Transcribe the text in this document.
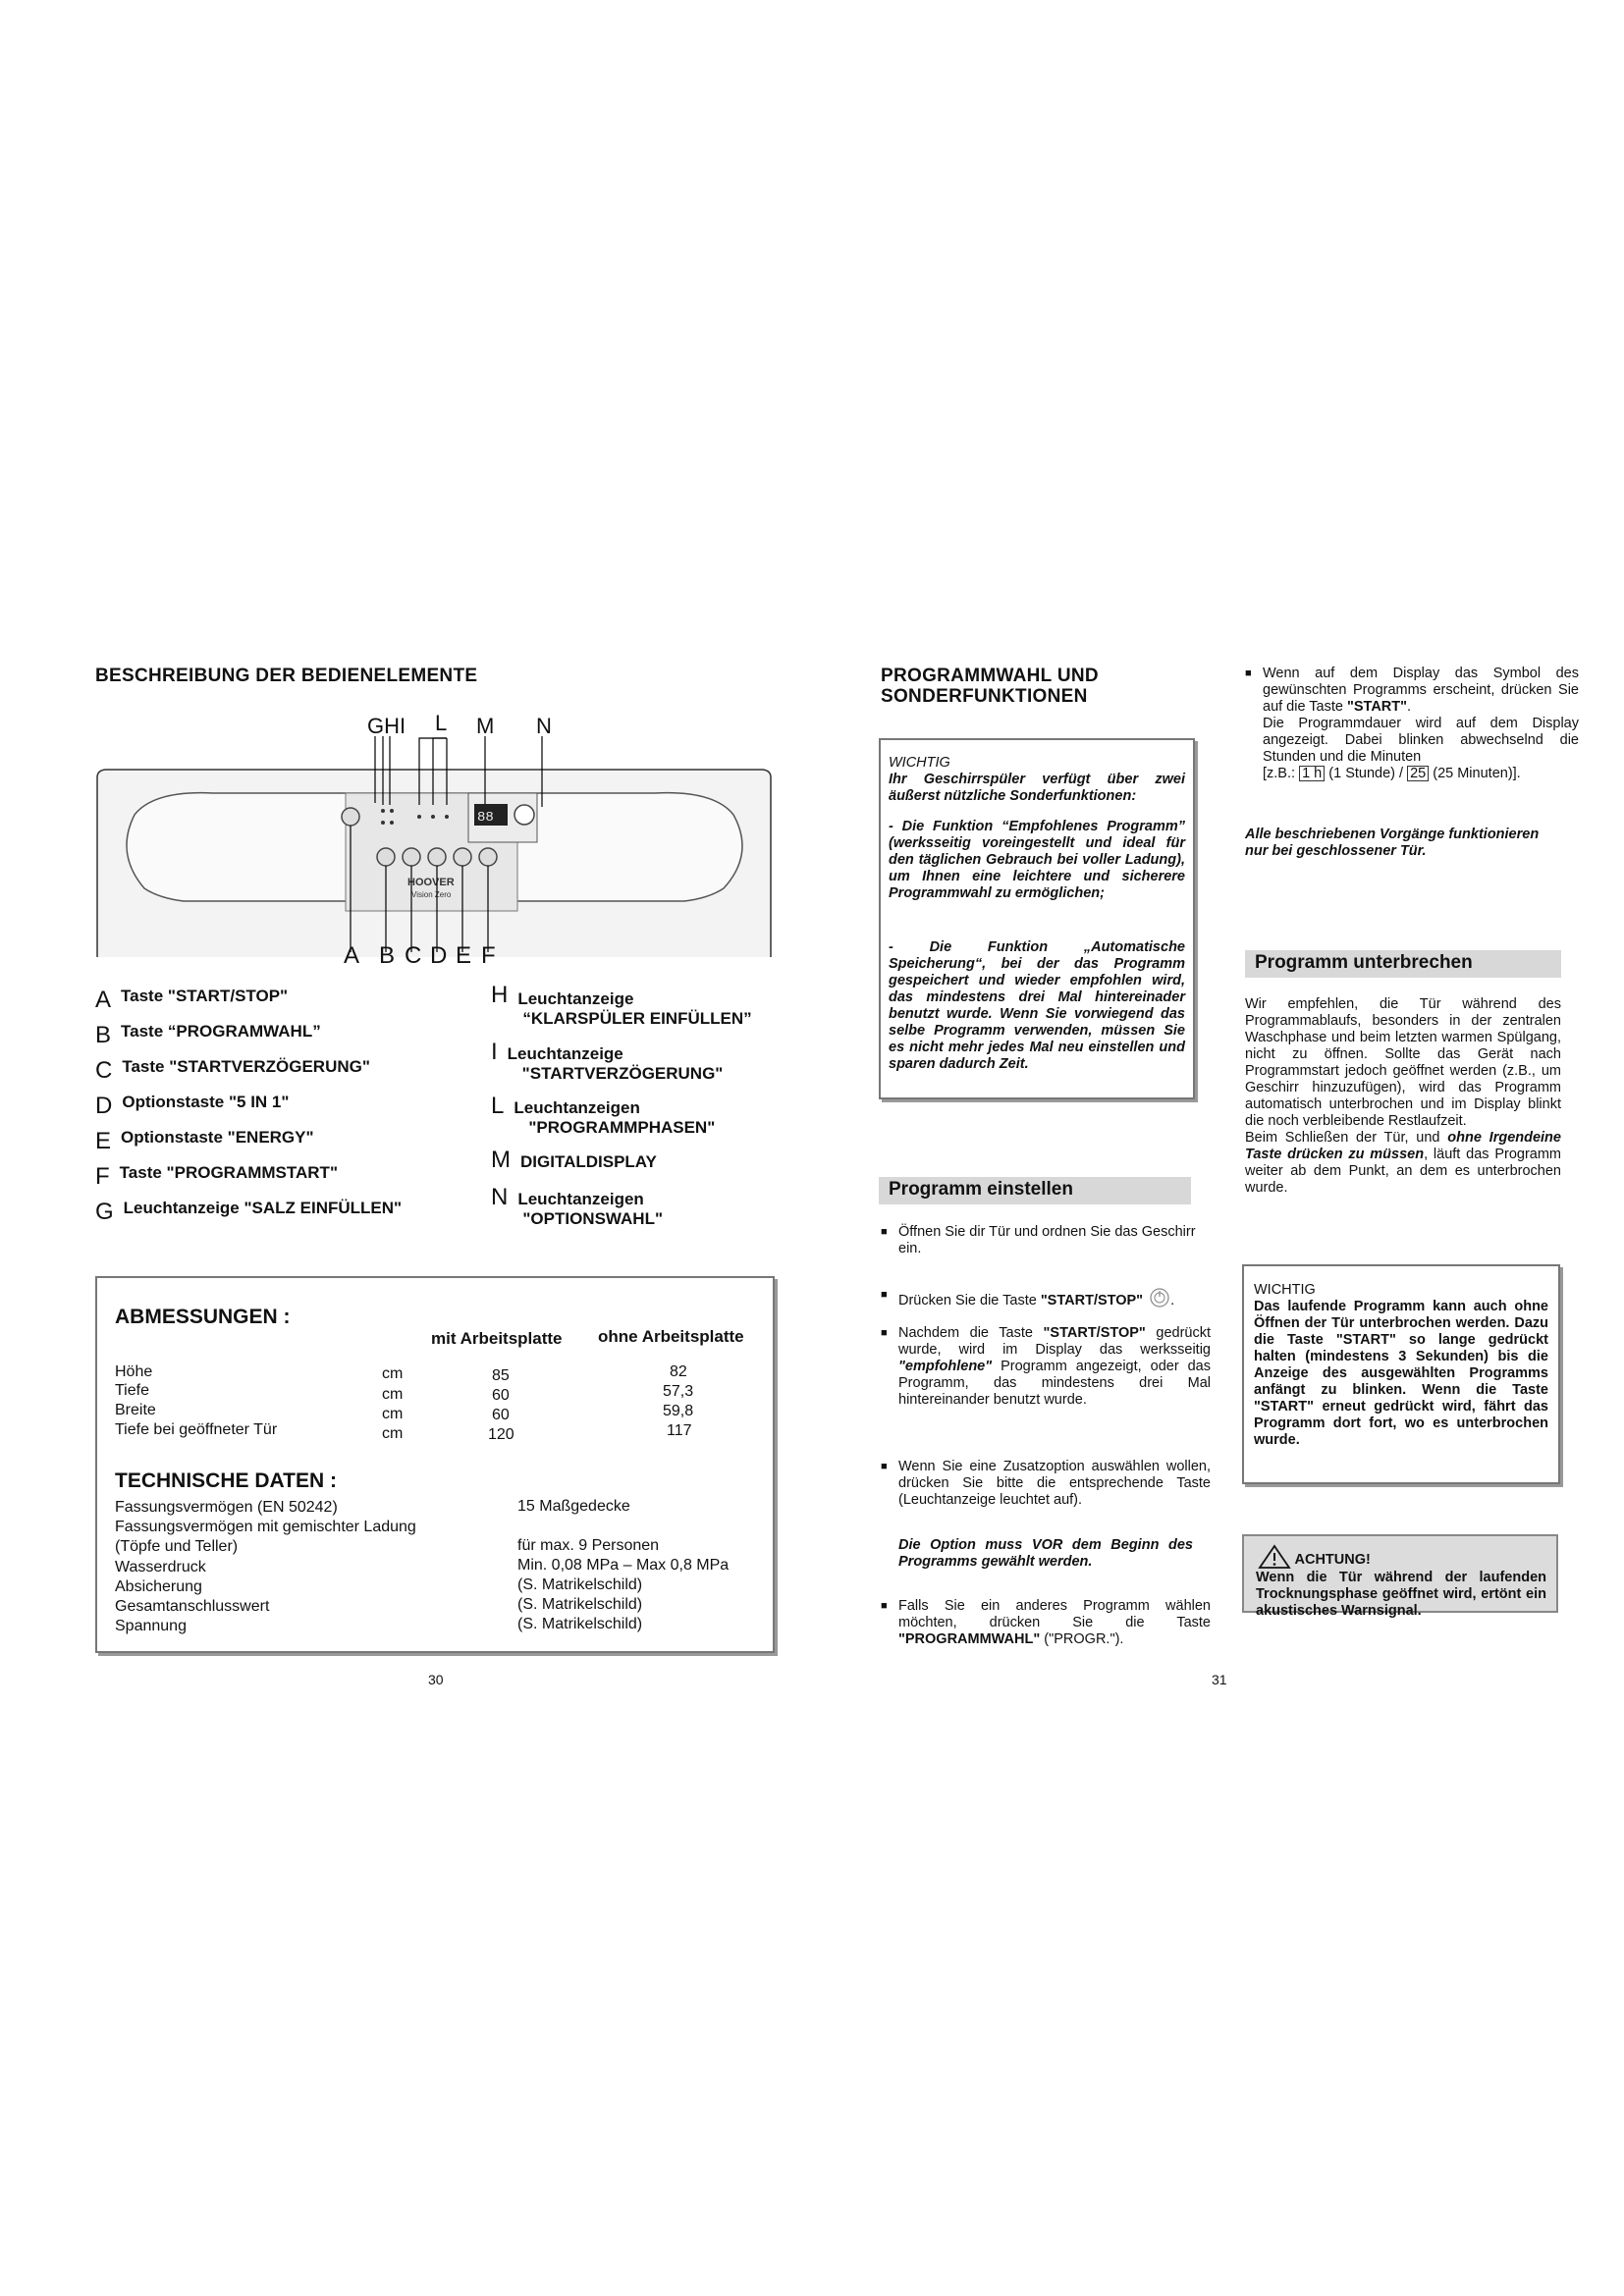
BESCHREIBUNG DER BEDIENELEMENTE
GHI L M N
88
HOOVER
Vision Zero
A B C D E F
A Taste "START/STOP"
B Taste “PROGRAMWAHL”
C Taste "STARTVERZÖGERUNG"
D Optionstaste "5 IN 1"
E Optionstaste "ENERGY"
F Taste "PROGRAMMSTART"
G Leuchtanzeige "SALZ EINFÜLLEN"
H Leuchtanzeige
“KLARSPÜLER EINFÜLLEN”
I Leuchtanzeige
"STARTVERZÖGERUNG"
L Leuchtanzeigen
"PROGRAMMPHASEN"
M DIGITALDISPLAY
N Leuchtanzeigen
"OPTIONSWAHL"
ABMESSUNGEN :
mit Arbeitsplatte ohne Arbeitsplatte
Höhe	cm	85	82
Tiefe	cm	60	57,3
Breite	cm	60	59,8
Tiefe bei geöffneter Tür	cm	120	117
TECHNISCHE DATEN :
Fassungsvermögen (EN 50242)	15 Maßgedecke
Fassungsvermögen mit gemischter Ladung
(Töpfe und Teller)	für max. 9 Personen
Wasserdruck	Min. 0,08 MPa – Max 0,8 MPa
Absicherung	(S. Matrikelschild)
Gesamtanschlusswert	(S. Matrikelschild)
Spannung	(S. Matrikelschild)
30
PROGRAMMWAHL UND
SONDERFUNKTIONEN
WICHTIG
Ihr Geschirrspüler verfügt über zwei äußerst nützliche Sonderfunktionen:
- Die Funktion “Empfohlenes Programm” (werksseitig voreingestellt und ideal für den täglichen Gebrauch bei voller Ladung), um Ihnen eine leichtere und sicherere Programmwahl zu ermöglichen;
- Die Funktion „Automatische Speicherung“, bei der das Programm gespeichert und wieder empfohlen wird, das mindestens drei Mal hintereinader benutzt wurde. Wenn Sie vorwiegend das selbe Programm verwenden, müssen Sie es nicht mehr jedes Mal neu einstellen und sparen dadurch Zeit.
Programm einstellen
■ Öffnen Sie dir Tür und ordnen Sie das Geschirr ein.
■ Drücken Sie die Taste "START/STOP" .
■ Nachdem die Taste "START/STOP" gedrückt wurde, wird im Display das werksseitig "empfohlene" Programm angezeigt, oder das Programm, das mindestens drei Mal hintereinander benutzt wurde.
■ Wenn Sie eine Zusatzoption auswählen wollen, drücken Sie bitte die entsprechende Taste (Leuchtanzeige leuchtet auf).
Die Option muss VOR dem Beginn des Programms gewählt werden.
■ Falls Sie ein anderes Programm wählen möchten, drücken Sie die Taste "PROGRAMMWAHL" ("PROGR.").
31
■ Wenn auf dem Display das Symbol des gewünschten Programms erscheint, drücken Sie auf die Taste "START".
Die Programmdauer wird auf dem Display angezeigt. Dabei blinken abwechselnd die Stunden und die Minuten
[z.B.: 1 h (1 Stunde) / 25 (25 Minuten)].
Alle beschriebenen Vorgänge funktionieren nur bei geschlossener Tür.
Programm unterbrechen
Wir empfehlen, die Tür während des Programmablaufs, besonders in der zentralen Waschphase und beim letzten warmen Spülgang, nicht zu öffnen. Sollte das Gerät nach Programmstart jedoch geöffnet werden (z.B., um Geschirr hinzuzufügen), wird das Programm automatisch unterbrochen und im Display blinkt die noch verbleibende Restlaufzeit.
Beim Schließen der Tür, und ohne Irgendeine Taste drücken zu müssen, läuft das Programm weiter ab dem Punkt, an dem es unterbrochen wurde.
WICHTIG
Das laufende Programm kann auch ohne Öffnen der Tür unterbrochen werden. Dazu die Taste "START" so lange gedrückt halten (mindestens 3 Sekunden) bis die Anzeige des ausgewählten Programms anfängt zu blinken. Wenn die Taste "START" erneut gedrückt wird, fährt das Programm dort fort, wo es unterbrochen wurde.
ACHTUNG!
Wenn die Tür während der laufenden Trocknungsphase geöffnet wird, ertönt ein akustisches Warnsignal.
